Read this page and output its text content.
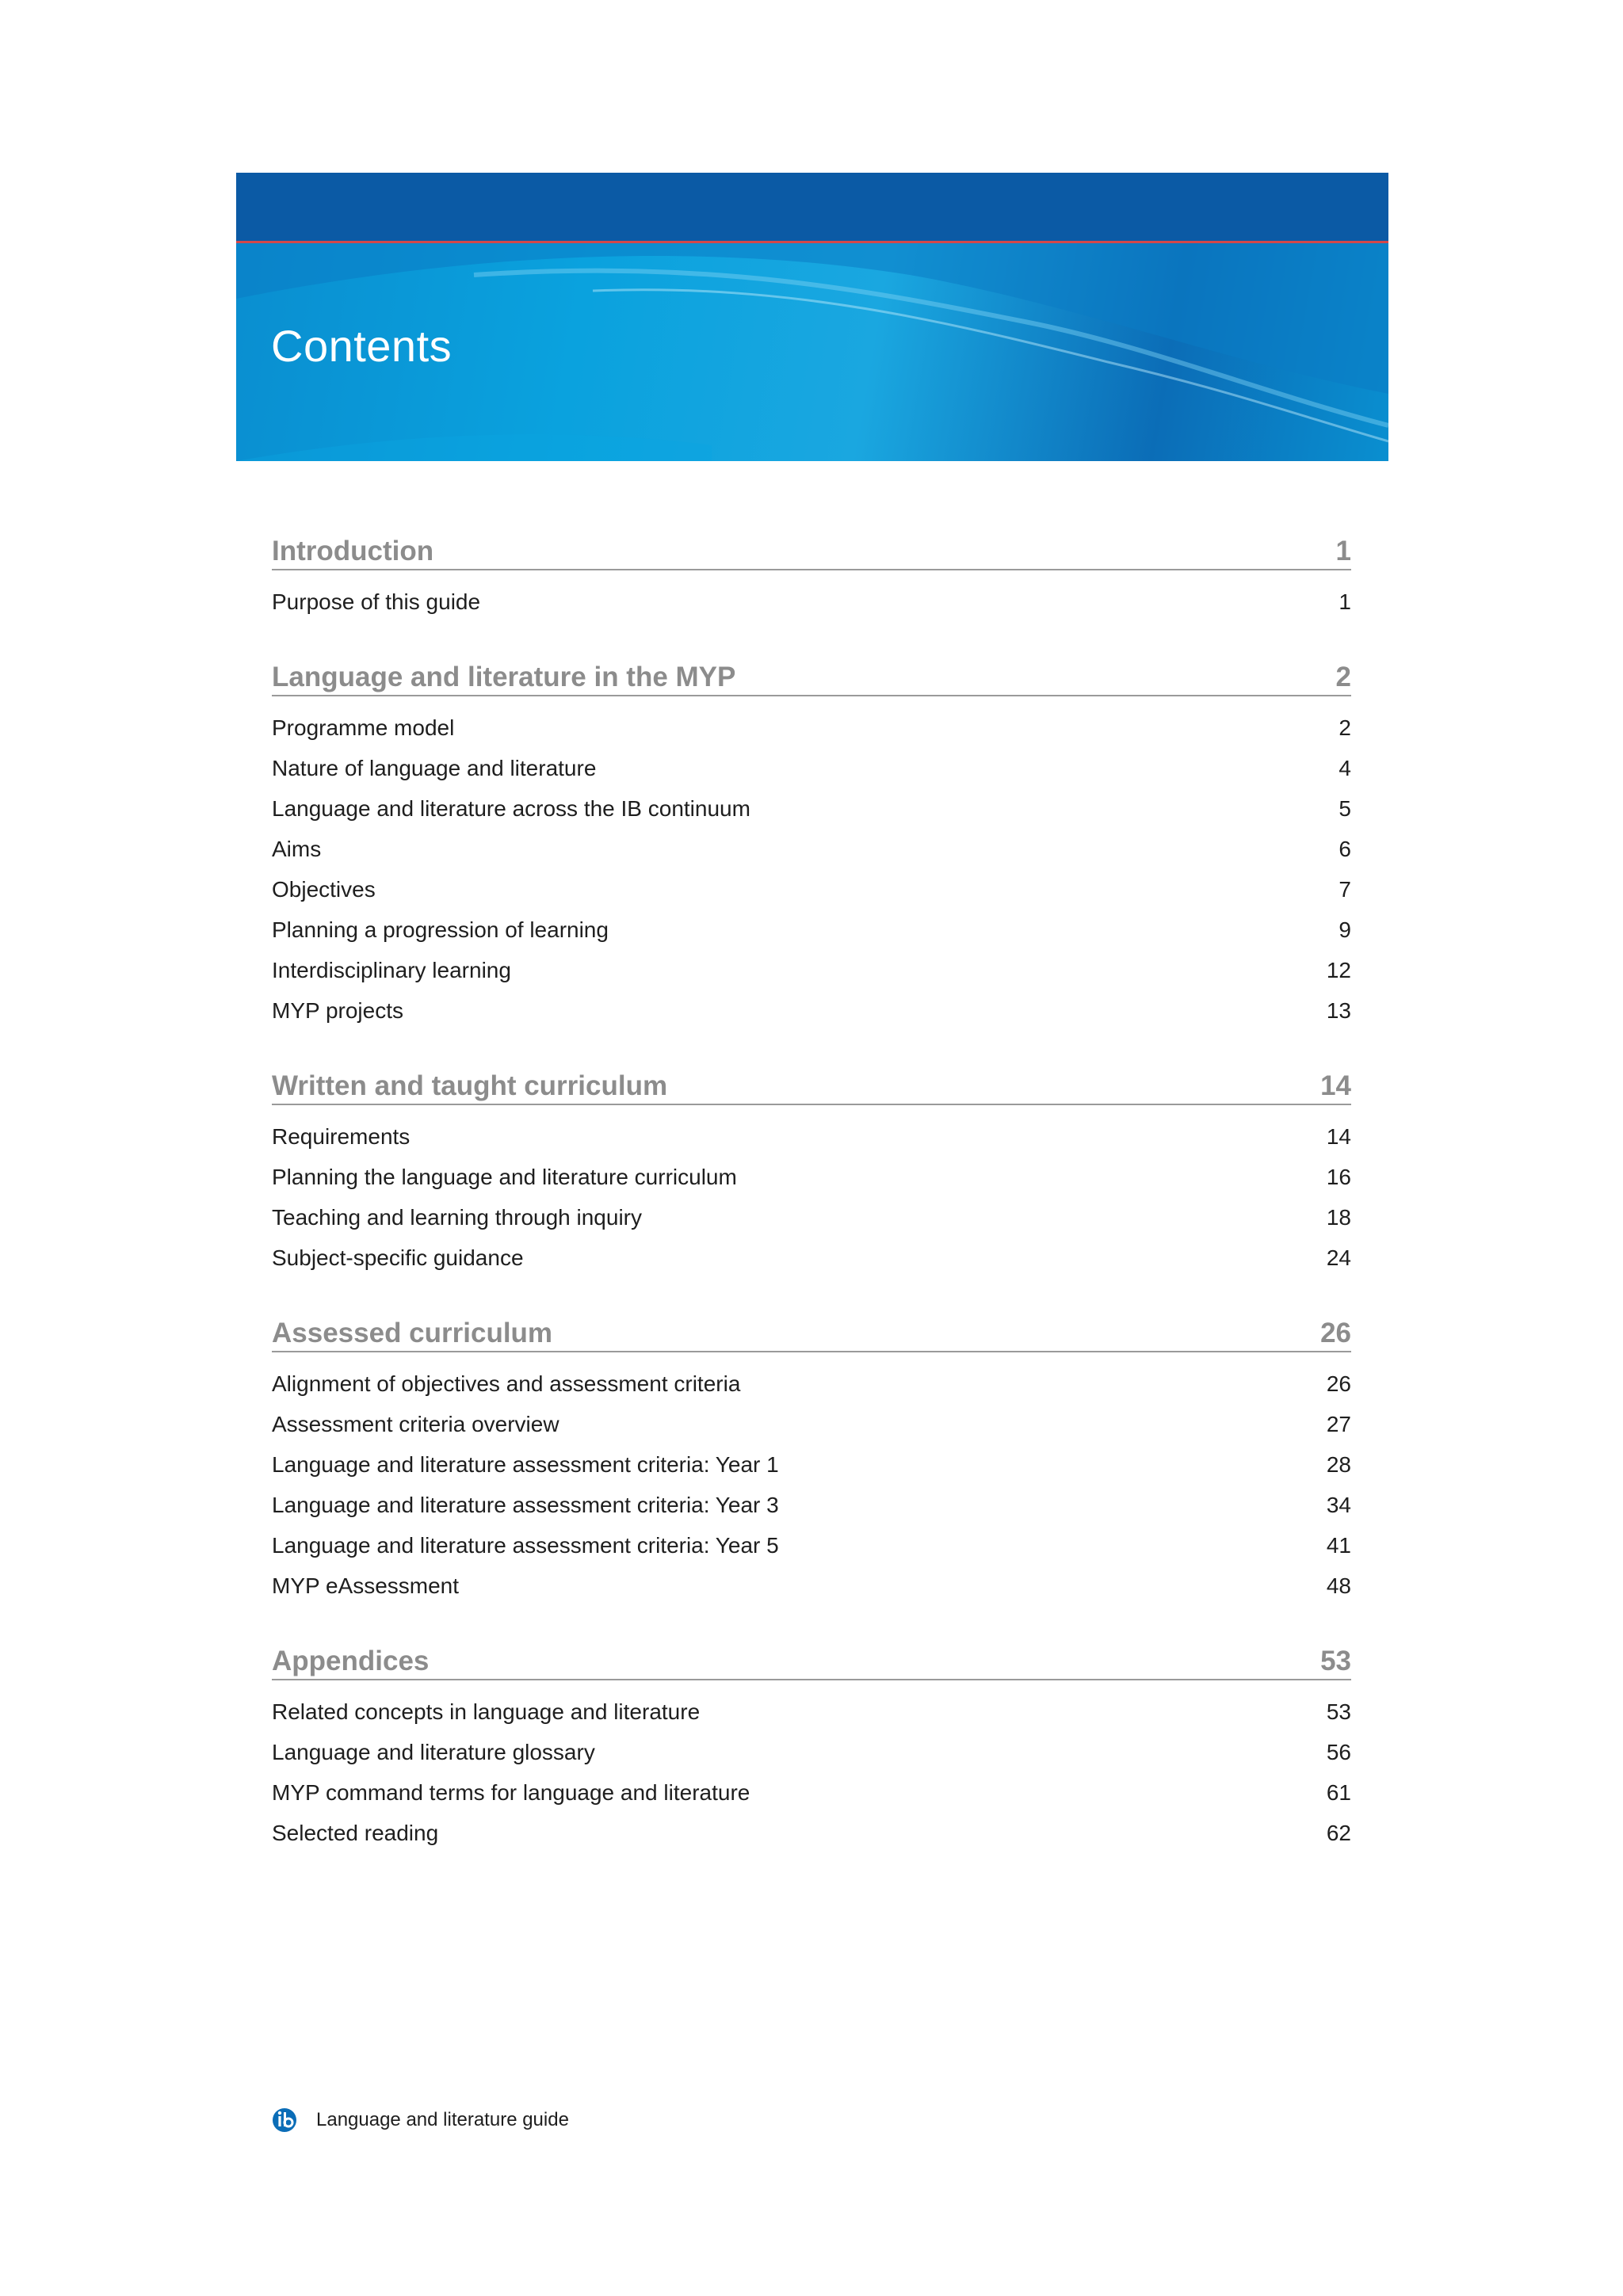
Contents
Introduction	1
Purpose of this guide	1
Language and literature in the MYP	2
Programme model	2
Nature of language and literature	4
Language and literature across the IB continuum	5
Aims	6
Objectives	7
Planning a progression of learning	9
Interdisciplinary learning	12
MYP projects	13
Written and taught curriculum	14
Requirements	14
Planning the language and literature curriculum	16
Teaching and learning through inquiry	18
Subject-specific guidance	24
Assessed curriculum	26
Alignment of objectives and assessment criteria	26
Assessment criteria overview	27
Language and literature assessment criteria: Year 1	28
Language and literature assessment criteria: Year 3	34
Language and literature assessment criteria: Year 5	41
MYP eAssessment	48
Appendices	53
Related concepts in language and literature	53
Language and literature glossary	56
MYP command terms for language and literature	61
Selected reading	62
Language and literature guide
